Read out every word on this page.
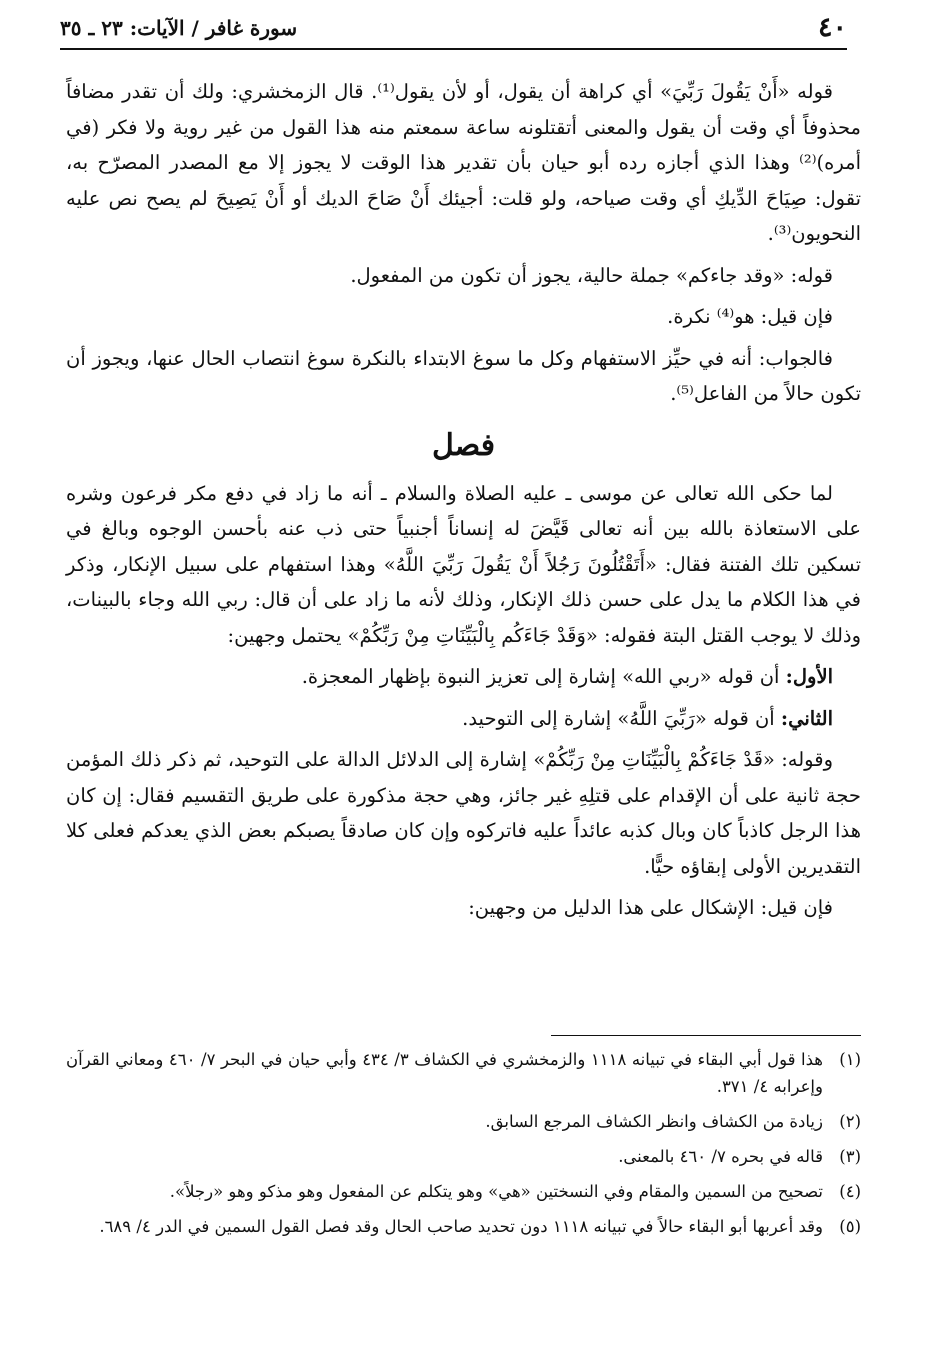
٤٠
سورة غافر / الآيات: ٢٣ ـ ٣٥

قوله «أَنْ يَقُولَ رَبِّيَ» أي كراهة أن يقول، أو لأن يقول⁽¹⁾. قال الزمخشري: ولك أن تقدر مضافاً محذوفاً أي وقت أن يقول والمعنى أتقتلونه ساعة سمعتم منه هذا القول من غير روية ولا فكر (في أمره)⁽²⁾ وهذا الذي أجازه رده أبو حيان بأن تقدير هذا الوقت لا يجوز إلا مع المصدر المصرّح به، تقول: صِيَاحَ الدِّيكِ أي وقت صياحه، ولو قلت: أجيئك أَنْ صَاحَ الديك أو أَنْ يَصِيحَ لم يصح نص عليه النحويون⁽³⁾.

قوله: «وقد جاءكم» جملة حالية، يجوز أن تكون من المفعول.

فإن قيل: هو⁽⁴⁾ نكرة.

فالجواب: أنه في حيِّز الاستفهام وكل ما سوغ الابتداء بالنكرة سوغ انتصاب الحال عنها، ويجوز أن تكون حالاً من الفاعل⁽⁵⁾.

فصل

لما حكى الله تعالى عن موسى ـ عليه الصلاة والسلام ـ أنه ما زاد في دفع مكر فرعون وشره على الاستعاذة بالله بين أنه تعالى قَيَّضَ له إنساناً أجنبياً حتى ذب عنه بأحسن الوجوه وبالغ في تسكين تلك الفتنة فقال: «أَتَقْتُلُونَ رَجُلاً أَنْ يَقُولَ رَبِّيَ اللَّهُ» وهذا استفهام على سبيل الإنكار، وذكر في هذا الكلام ما يدل على حسن ذلك الإنكار، وذلك لأنه ما زاد على أن قال: ربي الله وجاء بالبينات، وذلك لا يوجب القتل البتة فقوله: «وَقَدْ جَاءَكُم بِالْبَيِّنَاتِ مِنْ رَبِّكُمْ» يحتمل وجهين:

الأول: أن قوله «ربي الله» إشارة إلى تعزيز النبوة بإظهار المعجزة.

الثاني: أن قوله «رَبِّيَ اللَّهُ» إشارة إلى التوحيد.

وقوله: «قَدْ جَاءَكُمْ بِالْبَيِّنَاتِ مِنْ رَبِّكُمْ» إشارة إلى الدلائل الدالة على التوحيد، ثم ذكر ذلك المؤمن حجة ثانية على أن الإقدام على قتلِهِ غير جائز، وهي حجة مذكورة على طريق التقسيم فقال: إن كان هذا الرجل كاذباً كان وبال كذبه عائداً عليه فاتركوه وإن كان صادقاً يصبكم بعض الذي يعدكم فعلى كلا التقديرين الأولى إبقاؤه حيًّا.

فإن قيل: الإشكال على هذا الدليل من وجهين:

(١)
هذا قول أبي البقاء في تبيانه ١١١٨ والزمخشري في الكشاف ٣/ ٤٣٤ وأبي حيان في البحر ٧/ ٤٦٠ ومعاني القرآن وإعرابه ٤/ ٣٧١.
(٢)
زيادة من الكشاف وانظر الكشاف المرجع السابق.
(٣)
قاله في بحره ٧/ ٤٦٠ بالمعنى.
(٤)
تصحيح من السمين والمقام وفي النسختين «هي» وهو يتكلم عن المفعول وهو مذكو وهو «رجلاً».
(٥)
وقد أعربها أبو البقاء حالاً في تبيانه ١١١٨ دون تحديد صاحب الحال وقد فصل القول السمين في الدر ٤/ ٦٨٩.
